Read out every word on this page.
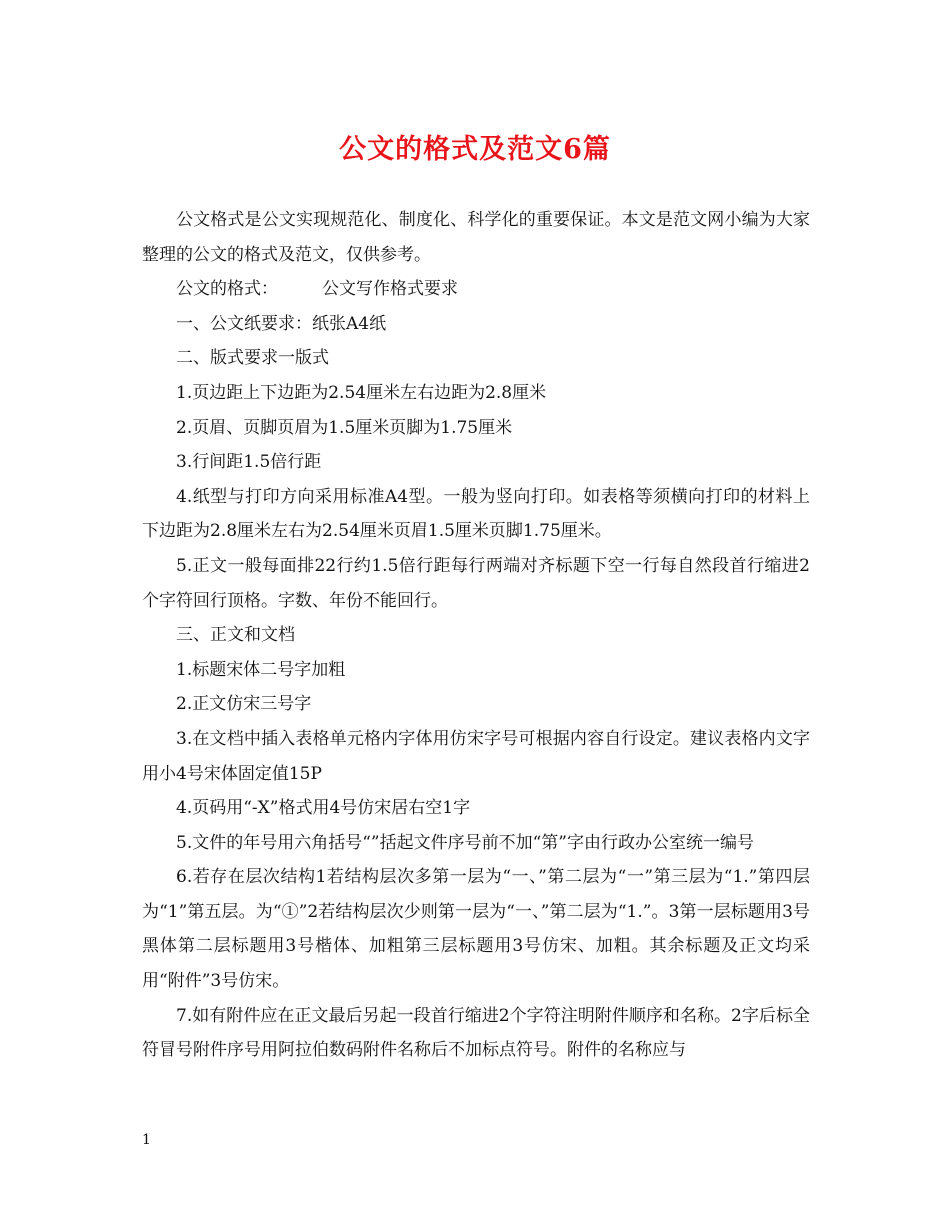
公文的格式及范文6篇

公文格式是公文实现规范化、制度化、科学化的重要保证。本文是范文网小编为大家整理的公文的格式及范文，仅供参考。

公文的格式：	公文写作格式要求

一、公文纸要求：纸张A4纸

二、版式要求一版式

1.页边距上下边距为2.54厘米左右边距为2.8厘米

2.页眉、页脚页眉为1.5厘米页脚为1.75厘米

3.行间距1.5倍行距

4.纸型与打印方向采用标准A4型。一般为竖向打印。如表格等须横向打印的材料上下边距为2.8厘米左右为2.54厘米页眉1.5厘米页脚1.75厘米。

5.正文一般每面排22行约1.5倍行距每行两端对齐标题下空一行每自然段首行缩进2个字符回行顶格。字数、年份不能回行。

三、正文和文档

1.标题宋体二号字加粗

2.正文仿宋三号字

3.在文档中插入表格单元格内字体用仿宋字号可根据内容自行设定。建议表格内文字用小4号宋体固定值15P

4.页码用“-X”格式用4号仿宋居右空1字

5.文件的年号用六角括号“”括起文件序号前不加“第”字由行政办公室统一编号

6.若存在层次结构1若结构层次多第一层为“一、”第二层为“一”第三层为“1.”第四层为“1”第五层。为“①”2若结构层次少则第一层为“一、”第二层为“1.”。3第一层标题用3号黑体第二层标题用3号楷体、加粗第三层标题用3号仿宋、加粗。其余标题及正文均采用“附件”3号仿宋。

7.如有附件应在正文最后另起一段首行缩进2个字符注明附件顺序和名称。2字后标全符冒号附件序号用阿拉伯数码附件名称后不加标点符号。附件的名称应与

1
